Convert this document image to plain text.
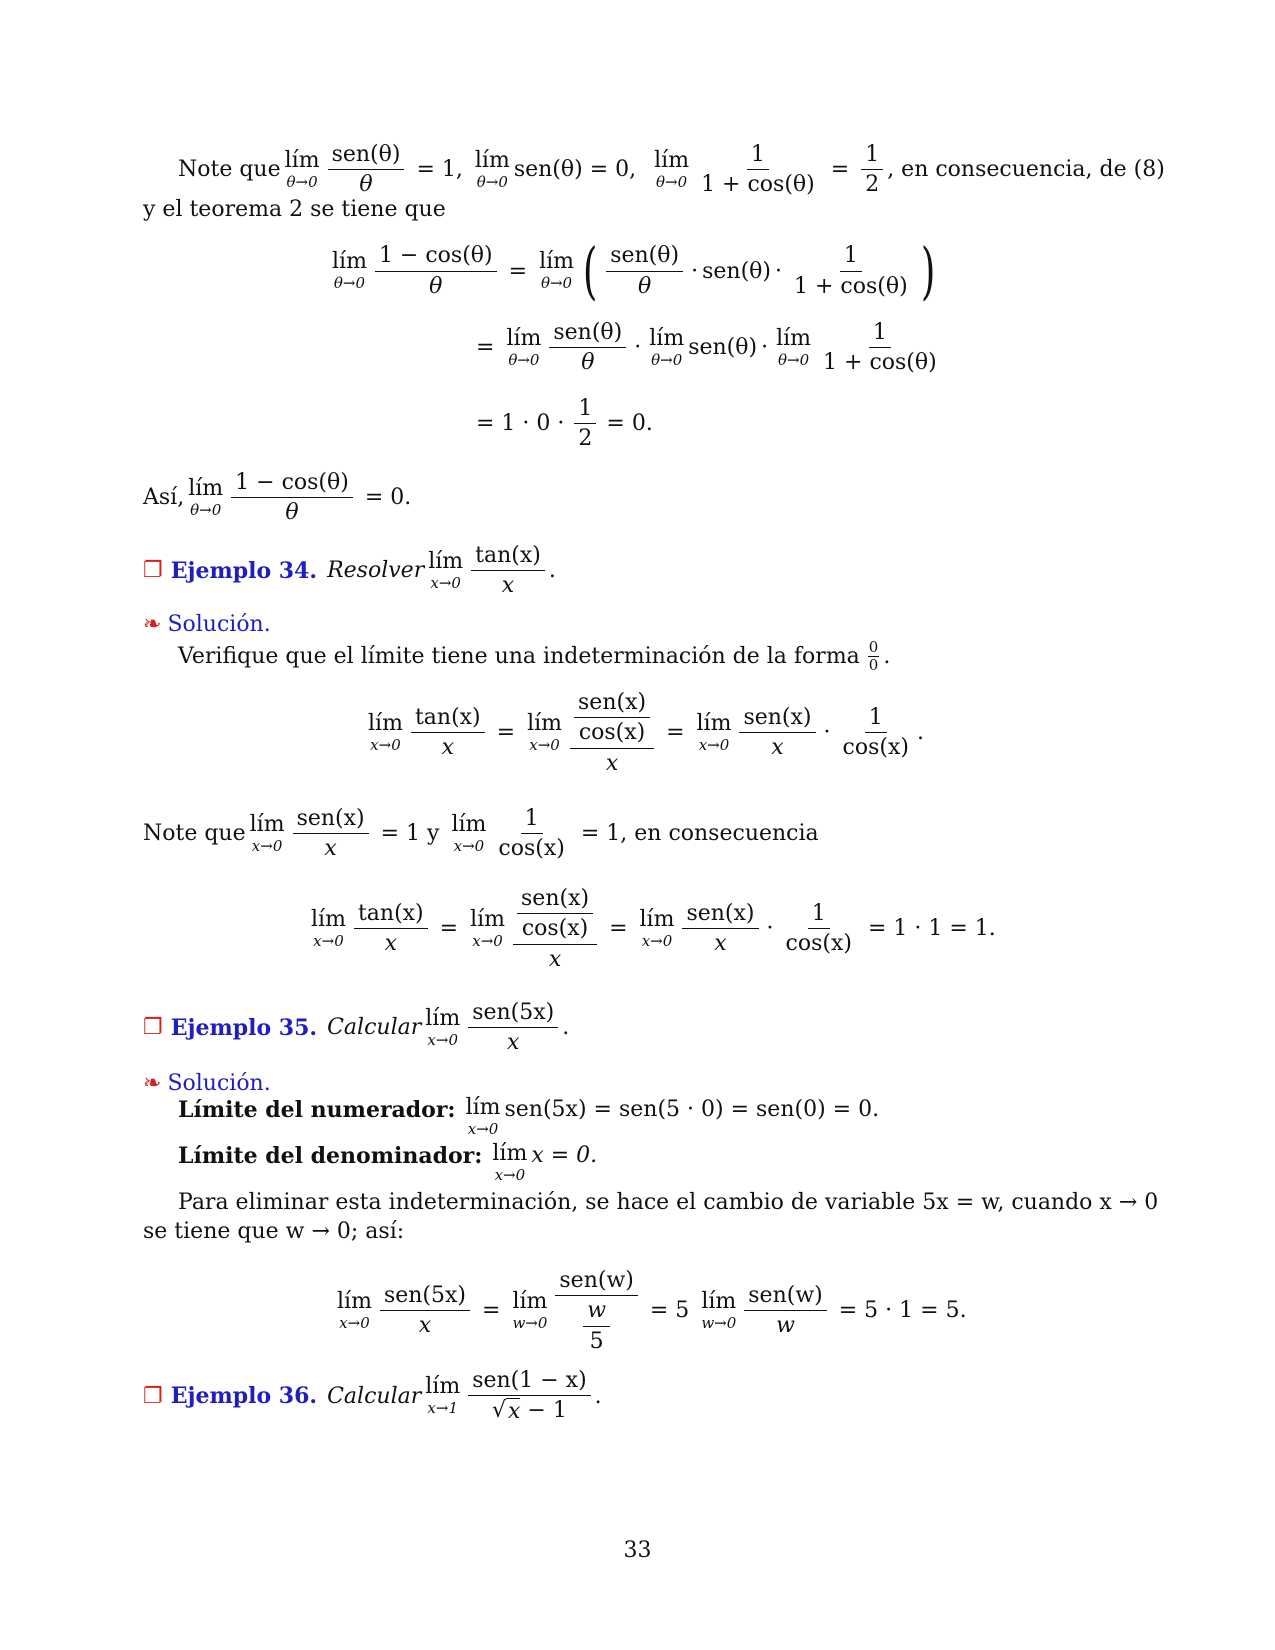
Note que lím
$\theta\to 0 \frac{\text{sen(θ)}}{\theta} = 1$, lím
θ→0 sen(θ) = 0, lím
$\theta\to 0 \frac{1}{1 + \cos(\theta)} = \frac{1}{2}$ , en consecuencia, de (8)
y el teorema 2 se tiene que
lím
$\theta\to 0 \frac{1 - \cos(\theta)}{\theta}$ = lím
θ→0 ( $\frac{\text{sen(θ)}}{\theta} \cdot sen(\theta) \cdot \frac{1}{1 + \cos(\theta)}$ )
= lím
$\theta\to 0 \frac{\text{sen(θ)}}{\theta}$ · lím
θ→0 sen(θ) · lím
$\theta\to 0 \frac{1}{1 + \cos(\theta)}$
= $1 \cdot 0 \cdot \frac{1}{2} = 0$.
Así, lím
$\theta\to 0 \frac{1 - \cos(\theta)}{\theta} = 0$.
❐ Ejemplo 34. Resolver lím
$x\to 0 \frac{\tan(x)}{x}$ .
❧ Solución.
Verifique que el límite tiene una indeterminación de la forma $\frac{0}{0}$ .
lím
$x\to 0 \frac{\tan(x)}{x}$ = lím
$x\to 0 \frac{\frac{\text{sen(x)}}{\cos(x)}}{x}$ = lím
$x\to 0 \frac{\text{sen(x)}}{x} \cdot \frac{1}{\cos(x)}$ .
Note que lím
$x\to 0 \frac{\text{sen(x)}}{x} = 1$ y lím
$x\to 0 \frac{1}{\cos(x)} = 1$, en consecuencia
lím
$x\to 0 \frac{\tan(x)}{x}$ = lím
$x\to 0 \frac{\frac{\text{sen(x)}}{\cos(x)}}{x}$ = lím
$x\to 0 \frac{\text{sen(x)}}{x} \cdot \frac{1}{\cos(x)} = 1 \cdot 1 = 1$.
❐ Ejemplo 35. Calcular lím
$x\to 0 \frac{\text{sen(5x)}}{x}$ .
❧ Solución.
Límite del numerador: lím
x→0
sen(5x) = sen(5 · 0) = sen(0) = 0.
Límite del denominador: lím
x→0
x = 0.
Para eliminar esta indeterminación, se hace el cambio de variable 5x = w, cuando x → 0
se tiene que w → 0; así:
lím
$x\to 0 \frac{\text{sen(5x)}}{x}$ = lím
$w\to 0 \frac{\text{sen(w)}}{\frac{w}{5}} = 5$ lím
$w\to 0 \frac{\text{sen(w)}}{w} = 5 \cdot 1 = 5$.
❐ Ejemplo 36. Calcular lím
$x\to 1 \frac{\text{sen(1 − x)}}{√ x - 1}$ .
33
